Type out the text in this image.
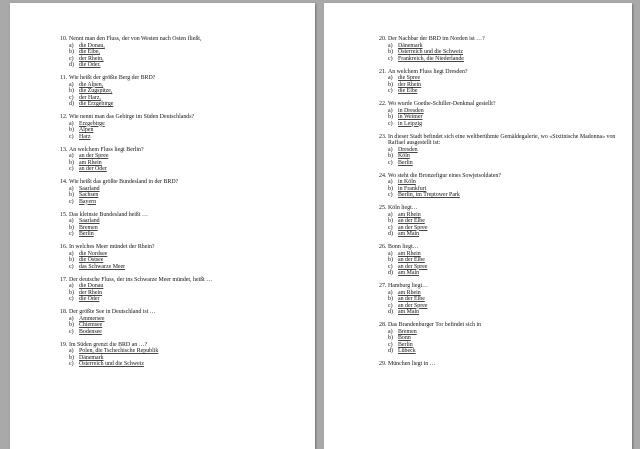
10. Nennt man den Fluss, der von Westen nach Osten fließt,
a) die Donau,
b) die Elbe,
c) der Rhein,
d) die Oder.
11. Wie heißt der größte Berg der BRD?
a) die Alpen,
b) die Zugspitze,
c) der Harz,
d) die Erzgebirge
12. Wie nennt man das Gebirge im Süden Deutschlands?
a) Erzgebirge
b) Alpen
c) Harz
13. An welchem Fluss liegt Berlin?
a) an der Spree
b) am Rhein
c) an der Oder
14. Wie heißt das größte Bundesland in der BRD?
a) Saarland
b) Sachsen
c) Bayern
15. Das kleinste Bundesland heißt …
a) Saarland
b) Bremen
c) Berlin
16. In welches Meer mündet der Rhein?
a) die Nordsee
b) die Ostsee
c) das Schwarze Meer
17. Der deutsche Fluss, der ins Schwarze Meer mündet, heißt …
a) die Donau
b) der Rhein
c) die Oder
18. Der größte See in Deutschland ist …
a) Ammersee
b) Chiemsee
c) Bodensee
19. Im Süden grenzt die BRD an …?
a) Polen, die Tschechische Republik
b) Dänemark
c) Österreich und die Schweiz
20. Der Nachbar der BRD im Norden ist …?
a) Dänemark
b) Österreich und die Schweiz
c) Frankreich, die Niederlande
21. An welchem Fluss liegt Dresden?
a) die Spree
b) der Rhein
c) die Elbe
22. Wo wurde Goethe-Schiller-Denkmal gestellt?
a) in Dresden
b) in Weimer
c) in Leipzig
23. In dieser Stadt befindet sich eine weltberühmte Gemäldegalerie, wo «Sixtinische Madonna» von Raffael ausgestellt ist:
a) Dresden
b) Köln
c) Berlin
24. Wo steht die Bronzefigur eines Sowjetsoldaten?
a) in Köln
b) in Frankfurt
c) Berlin, im Treptower Park
25. Köln liegt…
a) am Rhein
b) an der Elbe
c) an der Spree
d) am Main
26. Bonn liegt…
a) am Rhein
b) an der Elbe
c) an der Spree
d) am Main
27. Hamburg liegt…
a) am Rhein
b) an der Elbe
c) an der Spree
d) am Main
28. Das Brandenburger Tor befindet sich in
a) Bremen
b) Bonn
c) Berlin
d) Lübeck
29. München liegt in …
